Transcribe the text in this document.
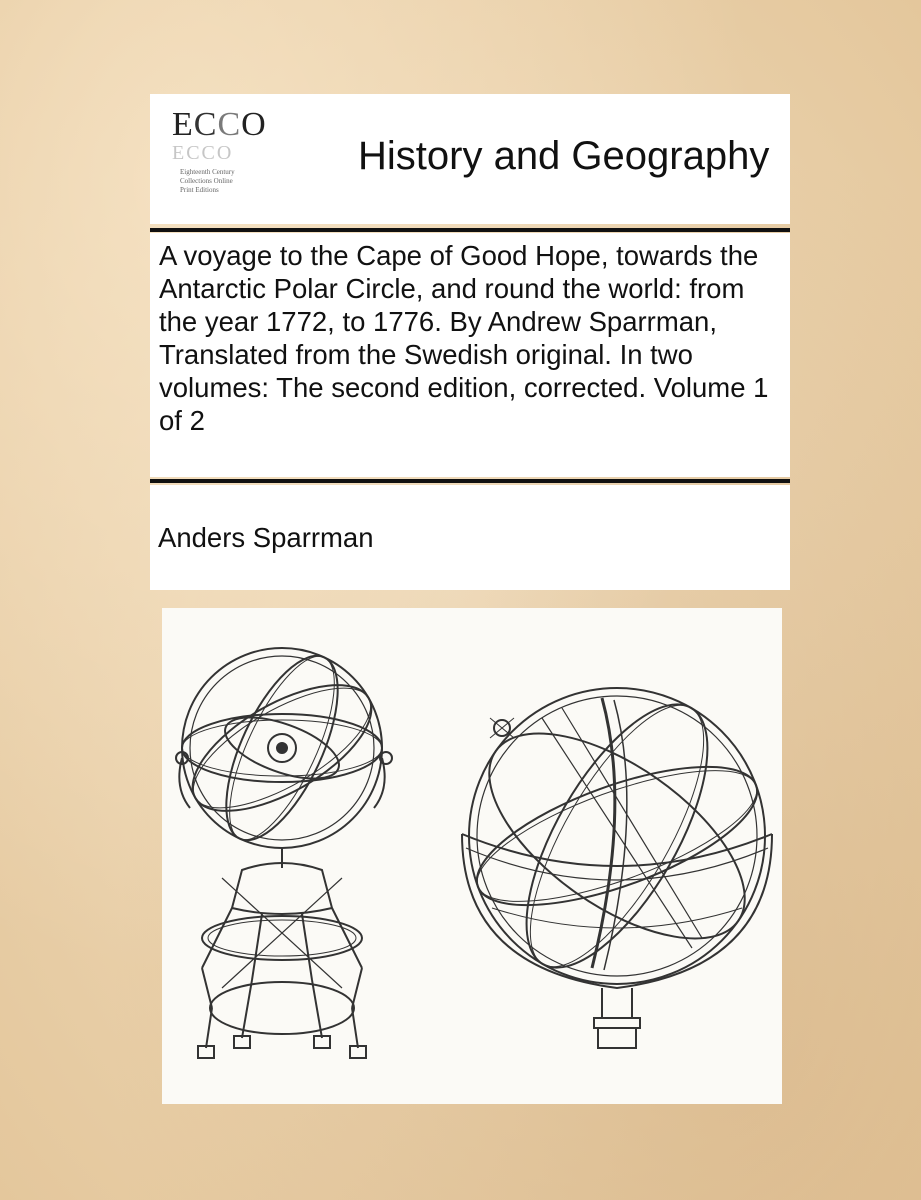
ECCO
ECCO
Eighteenth Century
Collections Online
Print Editions
History and Geography

A voyage to the Cape of Good Hope, towards the Antarctic Polar Circle, and round the world: from the year 1772, to 1776. By Andrew Sparrman, Translated from the Swedish original. In two volumes: The second edition, corrected. Volume 1 of 2

Anders Sparrman
